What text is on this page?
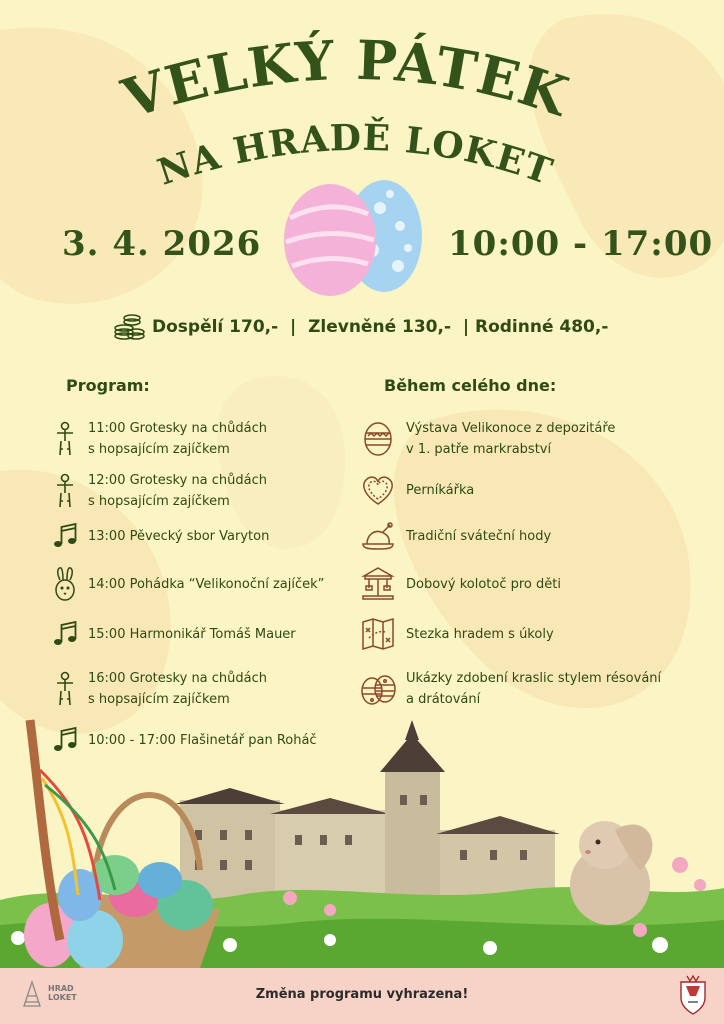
VELKÝ PÁTEK
NA HRADĚ LOKET
3. 4. 2026	10:00 - 17:00
Dospělí 170,-  |  Zlevněné 130,-  | Rodinné 480,-
Program:	Během celého dne:
11:00 Grotesky na chůdách
s hopsajícím zajíčkem
12:00 Grotesky na chůdách
s hopsajícím zajíčkem
13:00 Pěvecký sbor Varyton
14:00 Pohádka “Velikonoční zajíček”
15:00 Harmonikář Tomáš Mauer
16:00 Grotesky na chůdách
s hopsajícím zajíčkem
10:00 - 17:00 Flašinetář pan Roháč
Výstava Velikonoce z depozitáře
v 1. patře markrabství
Perníkářka
Tradiční sváteční hody
Dobový kolotoč pro děti
Stezka hradem s úkoly
Ukázky zdobení kraslic stylem résování
a drátování
HRAD
LOKET	Změna programu vyhrazena!
